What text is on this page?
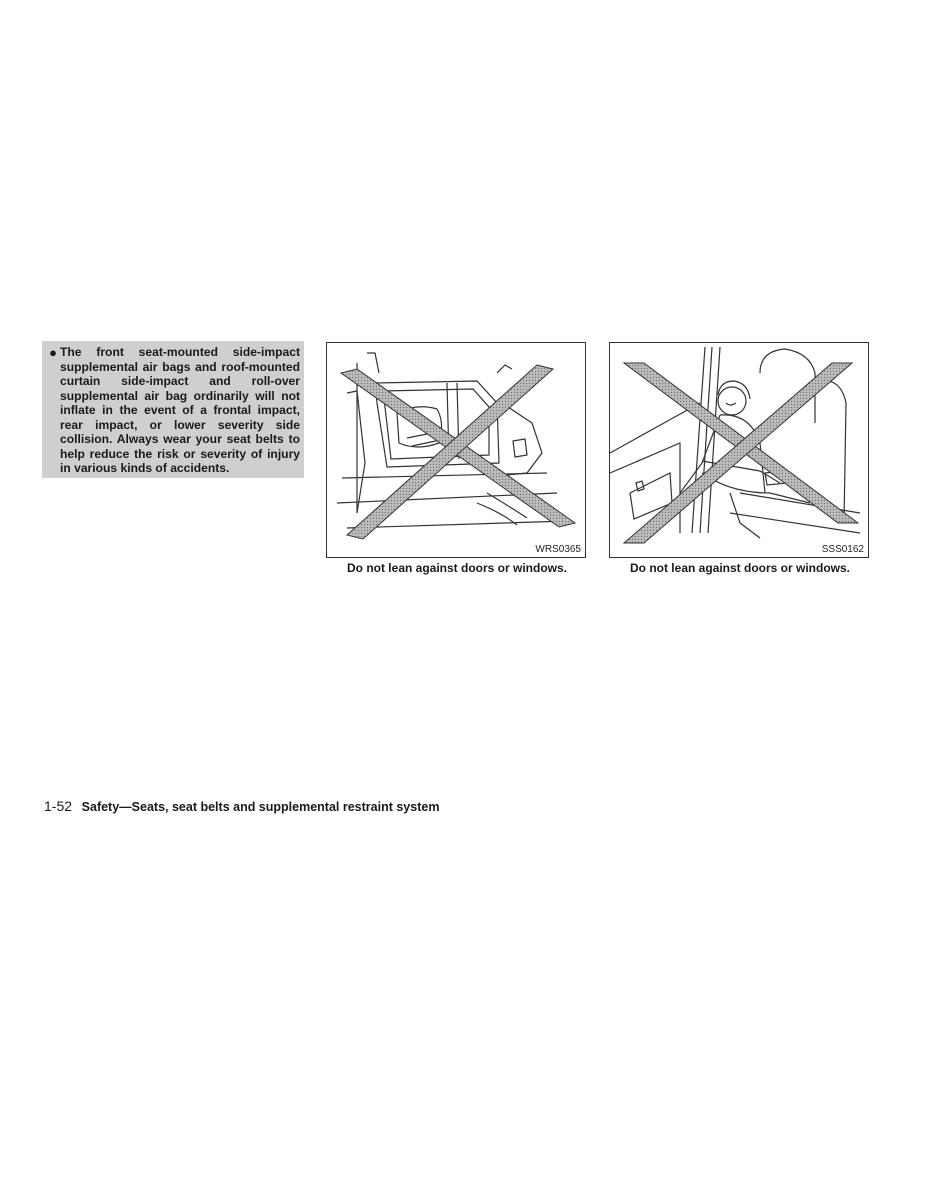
● The front seat-mounted side-impact supplemental air bags and roof-mounted curtain side-impact and roll-over supplemental air bag ordinarily will not inflate in the event of a frontal impact, rear impact, or lower severity side collision. Always wear your seat belts to help reduce the risk or severity of injury in various kinds of accidents.
WRS0365
Do not lean against doors or windows.
SSS0162
Do not lean against doors or windows.
1-52 Safety—Seats, seat belts and supplemental restraint system
